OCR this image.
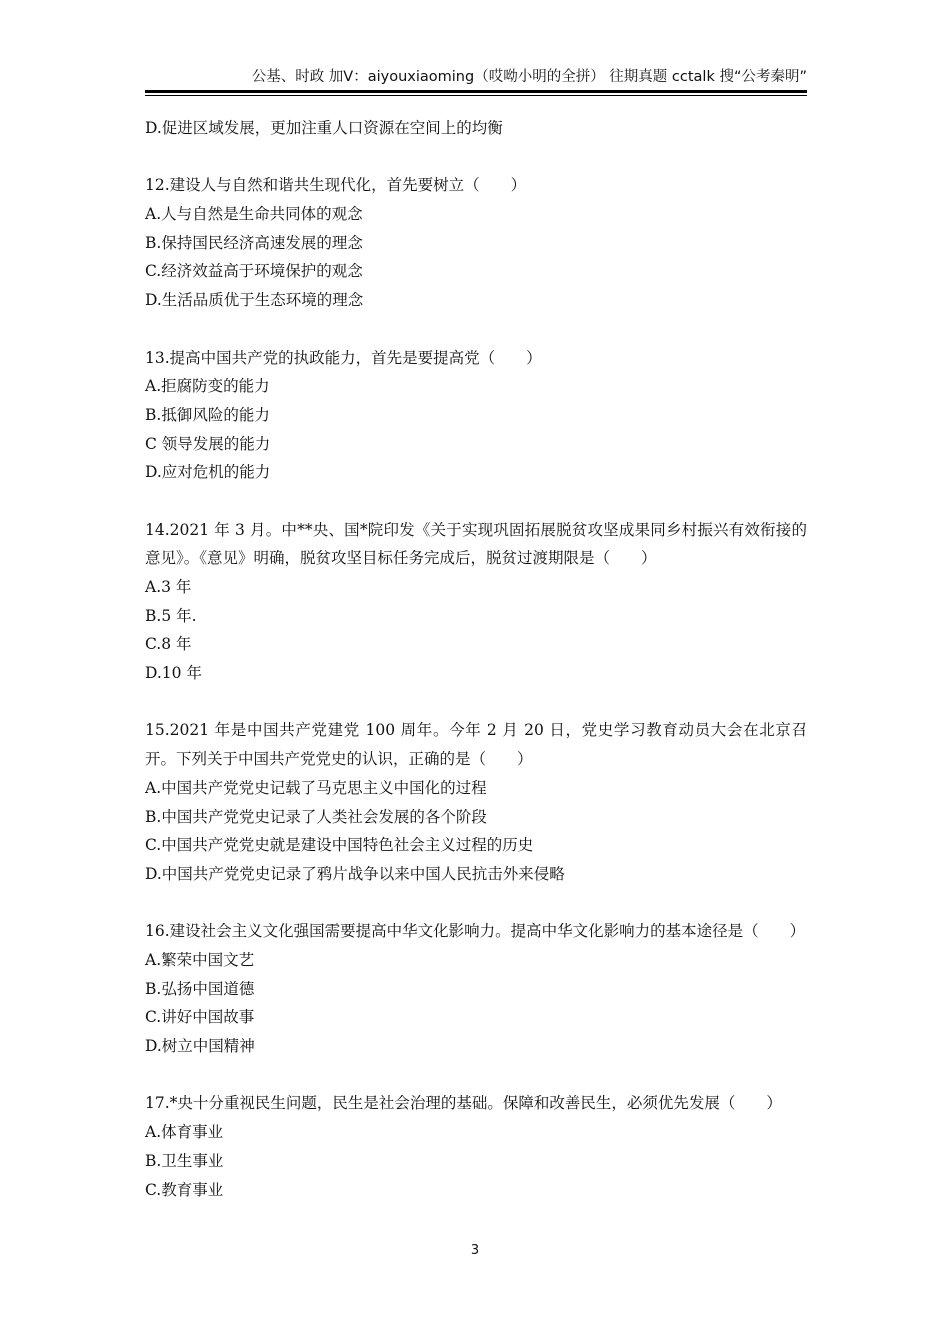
公基、时政 加V：aiyouxiaoming（哎呦小明的全拼） 往期真题 cctalk 搜“公考秦明”
D.促进区域发展，更加注重人口资源在空间上的均衡
12.建设人与自然和谐共生现代化，首先要树立（　　）
A.人与自然是生命共同体的观念
B.保持国民经济高速发展的理念
C.经济效益高于环境保护的观念
D.生活品质优于生态环境的理念
13.提高中国共产党的执政能力，首先是要提高党（　　）
A.拒腐防变的能力
B.抵御风险的能力
C 领导发展的能力
D.应对危机的能力
14.2021 年 3 月。中**央、国*院印发《关于实现巩固拓展脱贫攻坚成果同乡村振兴有效衔接的意见》。《意见》明确，脱贫攻坚目标任务完成后，脱贫过渡期限是（　　）
A.3 年
B.5 年.
C.8 年
D.10 年
15.2021 年是中国共产党建党 100 周年。今年 2 月 20 日，党史学习教育动员大会在北京召开。下列关于中国共产党党史的认识，正确的是（　　）
A.中国共产党党史记载了马克思主义中国化的过程
B.中国共产党党史记录了人类社会发展的各个阶段
C.中国共产党党史就是建设中国特色社会主义过程的历史
D.中国共产党党史记录了鸦片战争以来中国人民抗击外来侵略
16.建设社会主义文化强国需要提高中华文化影响力。提高中华文化影响力的基本途径是（　　）
A.繁荣中国文艺
B.弘扬中国道德
C.讲好中国故事
D.树立中国精神
17.*央十分重视民生问题，民生是社会治理的基础。保障和改善民生，必须优先发展（　　）
A.体育事业
B.卫生事业
C.教育事业
3
